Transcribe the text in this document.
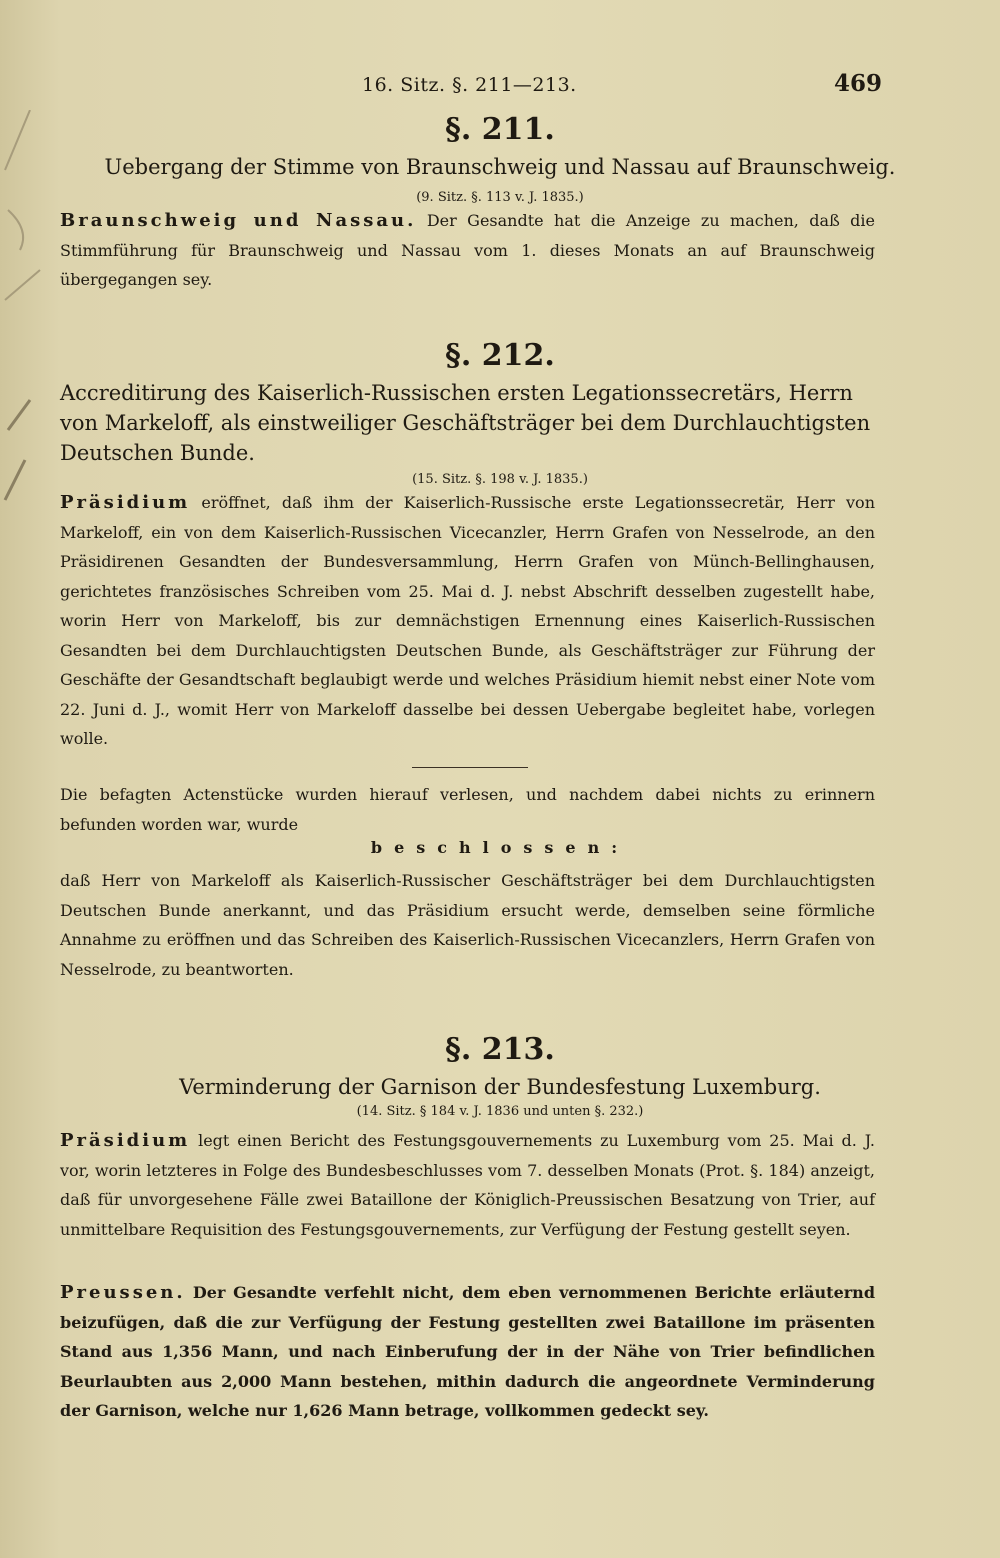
16. Sitz. §. 211—213.	469
§. 211.
Uebergang der Stimme von Braunschweig und Nassau auf Braunschweig.
(9. Sitz. §. 113 v. J. 1835.)
Braunschweig und Nassau. Der Gesandte hat die Anzeige zu machen, daß die Stimmführung für Braunschweig und Nassau vom 1. dieses Monats an auf Braunschweig übergegangen sey.
§. 212.
Accreditirung des Kaiserlich-Russischen ersten Legationssecretärs, Herrn von Markeloff, als einstweiliger Geschäftsträger bei dem Durchlauchtigsten Deutschen Bunde.
(15. Sitz. §. 198 v. J. 1835.)
Präsidium eröffnet, daß ihm der Kaiserlich-Russische erste Legationssecretär, Herr von Markeloff, ein von dem Kaiserlich-Russischen Vicecanzler, Herrn Grafen von Nesselrode, an den Präsidirenen Gesandten der Bundesversammlung, Herrn Grafen von Münch-Bellinghausen, gerichtetes französisches Schreiben vom 25. Mai d. J. nebst Abschrift desselben zugestellt habe, worin Herr von Markeloff, bis zur demnächstigen Ernennung eines Kaiserlich-Russischen Gesandten bei dem Durchlauchtigsten Deutschen Bunde, als Geschäftsträger zur Führung der Geschäfte der Gesandtschaft beglaubigt werde und welches Präsidium hiemit nebst einer Note vom 22. Juni d. J., womit Herr von Markeloff dasselbe bei dessen Uebergabe begleitet habe, vorlegen wolle.
Die befagten Actenstücke wurden hierauf verlesen, und nachdem dabei nichts zu erinnern befunden worden war, wurde
beschlossen:
daß Herr von Markeloff als Kaiserlich-Russischer Geschäftsträger bei dem Durchlauchtigsten Deutschen Bunde anerkannt, und das Präsidium ersucht werde, demselben seine förmliche Annahme zu eröffnen und das Schreiben des Kaiserlich-Russischen Vicecanzlers, Herrn Grafen von Nesselrode, zu beantworten.
§. 213.
Verminderung der Garnison der Bundesfestung Luxemburg.
(14. Sitz. § 184 v. J. 1836 und unten §. 232.)
Präsidium legt einen Bericht des Festungsgouvernements zu Luxemburg vom 25. Mai d. J. vor, worin letzteres in Folge des Bundesbeschlusses vom 7. desselben Monats (Prot. §. 184) anzeigt, daß für unvorgesehene Fälle zwei Bataillone der Königlich-Preussischen Besatzung von Trier, auf unmittelbare Requisition des Festungsgouvernements, zur Verfügung der Festung gestellt seyen.
Preussen. Der Gesandte verfehlt nicht, dem eben vernommenen Berichte erläuternd beizufügen, daß die zur Verfügung der Festung gestellten zwei Bataillone im präsenten Stand aus 1,356 Mann, und nach Einberufung der in der Nähe von Trier befindlichen Beurlaubten aus 2,000 Mann bestehen, mithin dadurch die angeordnete Verminderung der Garnison, welche nur 1,626 Mann betrage, vollkommen gedeckt sey.
